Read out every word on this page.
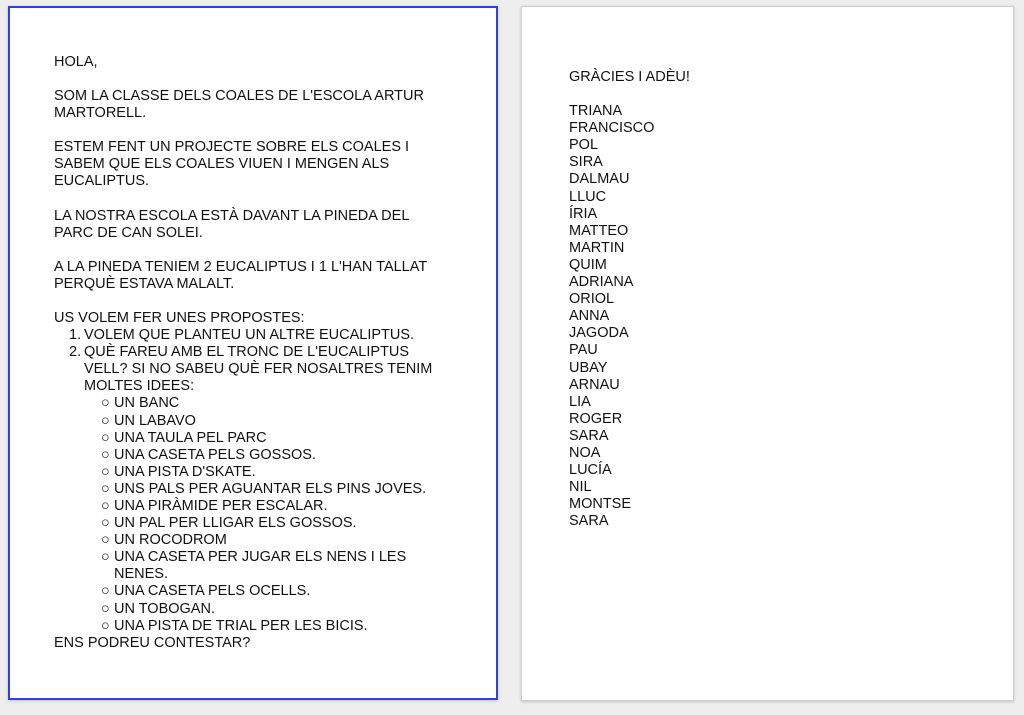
HOLA,
SOM LA CLASSE DELS COALES DE L'ESCOLA ARTUR
MARTORELL.
ESTEM FENT UN PROJECTE SOBRE ELS COALES I
SABEM QUE ELS COALES VIUEN I MENGEN ALS
EUCALIPTUS.
LA NOSTRA ESCOLA ESTÀ DAVANT LA PINEDA DEL
PARC DE CAN SOLEI.
A LA PINEDA TENIEM 2 EUCALIPTUS I 1 L'HAN TALLAT
PERQUÈ ESTAVA MALALT.
US VOLEM FER UNES PROPOSTES:
1. VOLEM QUE PLANTEU UN ALTRE EUCALIPTUS.
2. QUÈ FAREU AMB EL TRONC DE L'EUCALIPTUS
VELL? SI NO SABEU QUÈ FER NOSALTRES TENIM
MOLTES IDEES:
○ UN BANC
○ UN LABAVO
○ UNA TAULA PEL PARC
○ UNA CASETA PELS GOSSOS.
○ UNA PISTA D'SKATE.
○ UNS PALS PER AGUANTAR ELS PINS JOVES.
○ UNA PIRÀMIDE PER ESCALAR.
○ UN PAL PER LLIGAR ELS GOSSOS.
○ UN ROCODROM
○ UNA CASETA PER JUGAR ELS NENS I LES
NENES.
○ UNA CASETA PELS OCELLS.
○ UN TOBOGAN.
○ UNA PISTA DE TRIAL PER LES BICIS.
ENS PODREU CONTESTAR?
GRÀCIES I ADÈU!
TRIANA
FRANCISCO
POL
SIRA
DALMAU
LLUC
ÍRIA
MATTEO
MARTIN
QUIM
ADRIANA
ORIOL
ANNA
JAGODA
PAU
UBAY
ARNAU
LIA
ROGER
SARA
NOA
LUCÍA
NIL
MONTSE
SARA
